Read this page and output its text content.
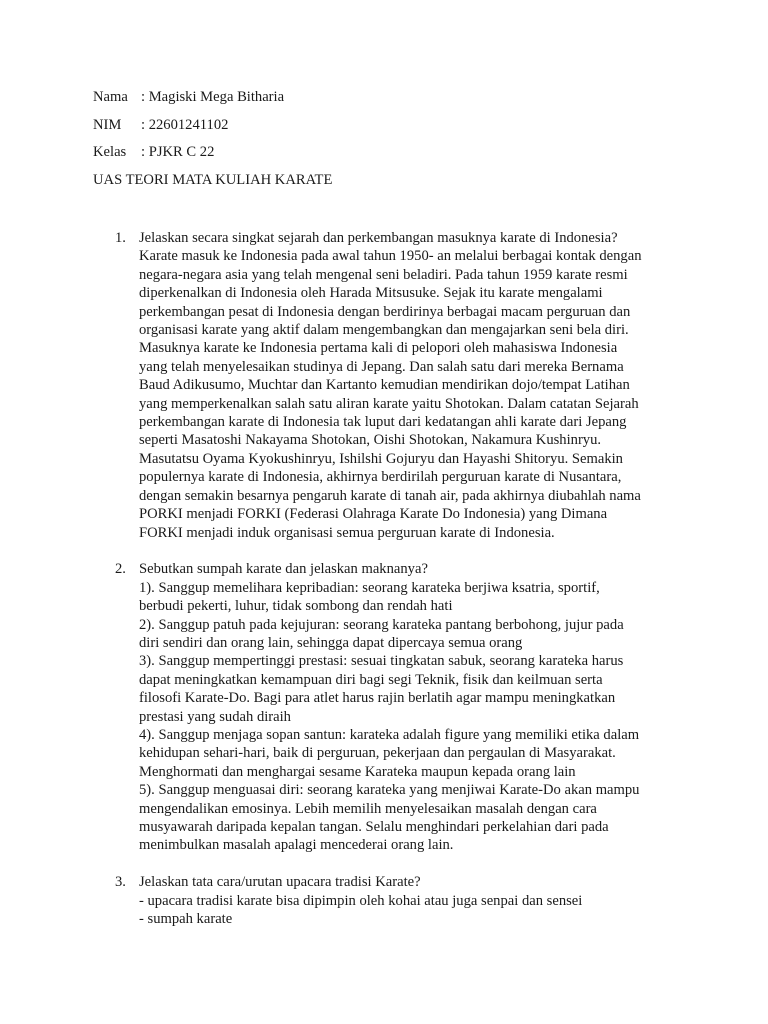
Nama : Magiski Mega Bitharia
NIM	: 22601241102
Kelas	: PJKR C 22
UAS TEORI MATA KULIAH KARATE
1. Jelaskan secara singkat sejarah dan perkembangan masuknya karate di Indonesia?
Karate masuk ke Indonesia pada awal tahun 1950- an melalui berbagai kontak dengan
negara-negara asia yang telah mengenal seni beladiri. Pada tahun 1959 karate resmi
diperkenalkan di Indonesia oleh Harada Mitsusuke. Sejak itu karate mengalami
perkembangan pesat di Indonesia dengan berdirinya berbagai macam perguruan dan
organisasi karate yang aktif dalam mengembangkan dan mengajarkan seni bela diri.
Masuknya karate ke Indonesia pertama kali di pelopori oleh mahasiswa Indonesia
yang telah menyelesaikan studinya di Jepang. Dan salah satu dari mereka Bernama
Baud Adikusumo, Muchtar dan Kartanto kemudian mendirikan dojo/tempat Latihan
yang memperkenalkan salah satu aliran karate yaitu Shotokan. Dalam catatan Sejarah
perkembangan karate di Indonesia tak luput dari kedatangan ahli karate dari Jepang
seperti Masatoshi Nakayama Shotokan, Oishi Shotokan, Nakamura Kushinryu.
Masutatsu Oyama Kyokushinryu, Ishilshi Gojuryu dan Hayashi Shitoryu. Semakin
populernya karate di Indonesia, akhirnya berdirilah perguruan karate di Nusantara,
dengan semakin besarnya pengaruh karate di tanah air, pada akhirnya diubahlah nama
PORKI menjadi FORKI (Federasi Olahraga Karate Do Indonesia) yang Dimana
FORKI menjadi induk organisasi semua perguruan karate di Indonesia.
2. Sebutkan sumpah karate dan jelaskan maknanya?
1). Sanggup memelihara kepribadian: seorang karateka berjiwa ksatria, sportif,
berbudi pekerti, luhur, tidak sombong dan rendah hati
2). Sanggup patuh pada kejujuran: seorang karateka pantang berbohong, jujur pada
diri sendiri dan orang lain, sehingga dapat dipercaya semua orang
3). Sanggup mempertinggi prestasi: sesuai tingkatan sabuk, seorang karateka harus
dapat meningkatkan kemampuan diri bagi segi Teknik, fisik dan keilmuan serta
filosofi Karate-Do. Bagi para atlet harus rajin berlatih agar mampu meningkatkan
prestasi yang sudah diraih
4). Sanggup menjaga sopan santun: karateka adalah figure yang memiliki etika dalam
kehidupan sehari-hari, baik di perguruan, pekerjaan dan pergaulan di Masyarakat.
Menghormati dan menghargai sesame Karateka maupun kepada orang lain
5). Sanggup menguasai diri: seorang karateka yang menjiwai Karate-Do akan mampu
mengendalikan emosinya. Lebih memilih menyelesaikan masalah dengan cara
musyawarah daripada kepalan tangan. Selalu menghindari perkelahian dari pada
menimbulkan masalah apalagi mencederai orang lain.
3. Jelaskan tata cara/urutan upacara tradisi Karate?
- upacara tradisi karate bisa dipimpin oleh kohai atau juga senpai dan sensei
- sumpah karate
